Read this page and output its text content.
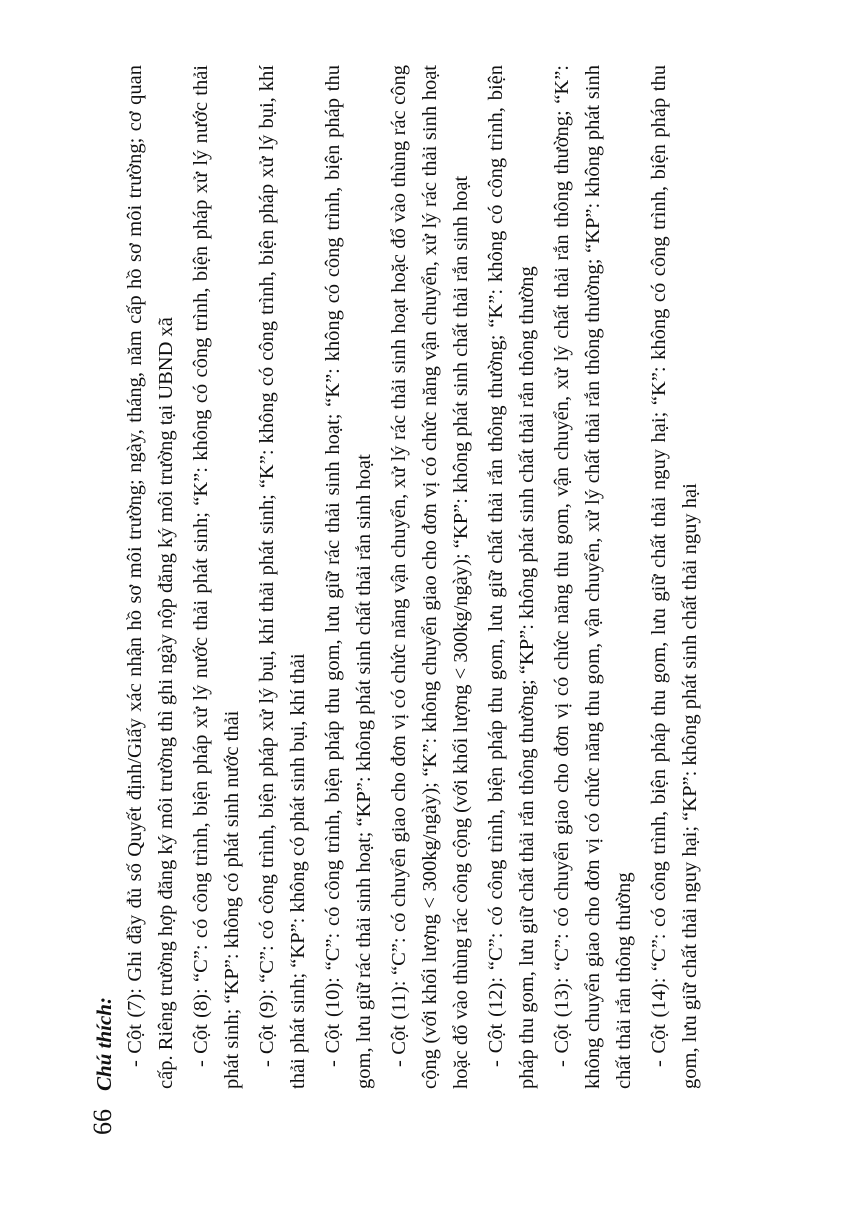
66
Chú thích: - Cột (7): Ghi đầy đủ số Quyết định/Giấy xác nhận hồ sơ môi trường; ngày, tháng, năm cấp hồ sơ môi trường; cơ quan cấp. Riêng trường hợp đăng ký môi trường thì ghi ngày nộp đăng ký môi trường tại UBND xã - Cột (8): “C”: có công trình, biện pháp xử lý nước thải phát sinh; “K”: không có công trình, biện pháp xử lý nước thải phát sinh; “KP”: không có phát sinh nước thải - Cột (9): “C”: có công trình, biện pháp xử lý bụi, khí thải phát sinh; “K”: không có công trình, biện pháp xử lý bụi, khí thải phát sinh; “KP”: không có phát sinh bụi, khí thải - Cột (10): “C”: có công trình, biện pháp thu gom, lưu giữ rác thải sinh hoạt; “K”: không có công trình, biện pháp thu gom, lưu giữ rác thải sinh hoạt; “KP”: không phát sinh chất thải rắn sinh hoạt - Cột (11): “C”: có chuyển giao cho đơn vị có chức năng vận chuyển, xử lý rác thải sinh hoạt hoặc đổ vào thùng rác công cộng (với khối lượng < 300kg/ngày); “K”: không chuyển giao cho đơn vị có chức năng vận chuyển, xử lý rác thải sinh hoạt hoặc đổ vào thùng rác công cộng (với khối lượng < 300kg/ngày); “KP”: không phát sinh chất thải rắn sinh hoạt - Cột (12): “C”: có công trình, biện pháp thu gom, lưu giữ chất thải rắn thông thường; “K”: không có công trình, biện pháp thu gom, lưu giữ chất thải rắn thông thường; “KP”: không phát sinh chất thải rắn thông thường - Cột (13): “C”: có chuyển giao cho đơn vị có chức năng thu gom, vận chuyển, xử lý chất thải rắn thông thường; “K”: không chuyển giao cho đơn vị có chức năng thu gom, vận chuyển, xử lý chất thải rắn thông thường; “KP”: không phát sinh chất thải rắn thông thường - Cột (14): “C”: có công trình, biện pháp thu gom, lưu giữ chất thải nguy hại; “K”: không có công trình, biện pháp thu gom, lưu giữ chất thải nguy hại; “KP”: không phát sinh chất thải nguy hại
